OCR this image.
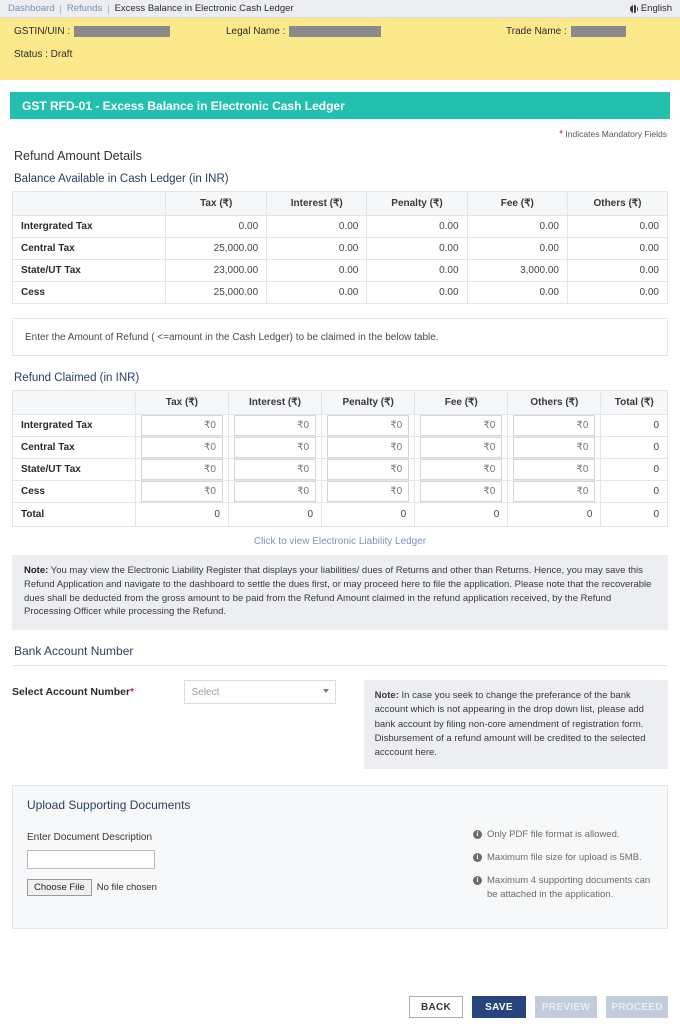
Dashboard | Refunds | Excess Balance in Electronic Cash Ledger	English
GSTIN/UIN :	Legal Name :	Trade Name :
Status : Draft
GST RFD-01 - Excess Balance in Electronic Cash Ledger
* Indicates Mandatory Fields
Refund Amount Details
Balance Available in Cash Ledger (in INR)
	Tax (₹)	Interest (₹)	Penalty (₹)	Fee (₹)	Others (₹)
Intergrated Tax	0.00	0.00	0.00	0.00	0.00
Central Tax	25,000.00	0.00	0.00	0.00	0.00
State/UT Tax	23,000.00	0.00	0.00	3,000.00	0.00
Cess	25,000.00	0.00	0.00	0.00	0.00
Enter the Amount of Refund ( <=amount in the Cash Ledger) to be claimed in the below table.
Refund Claimed (in INR)
	Tax (₹)	Interest (₹)	Penalty (₹)	Fee (₹)	Others (₹)	Total (₹)
Intergrated Tax	₹0	₹0	₹0	₹0	₹0	0
Central Tax	₹0	₹0	₹0	₹0	₹0	0
State/UT Tax	₹0	₹0	₹0	₹0	₹0	0
Cess	₹0	₹0	₹0	₹0	₹0	0
Total	0	0	0	0	0	0
Click to view Electronic Liability Ledger
Note: You may view the Electronic Liability Register that displays your liabilities/ dues of Returns and other than Returns. Hence, you may save this Refund Application and navigate to the dashboard to settle the dues first, or may proceed here to file the application. Please note that the recoverable dues shall be deducted from the gross amount to be paid from the Refund Amount claimed in the refund application received, by the Refund Processing Officer while processing the Refund.
Bank Account Number
Select Account Number*
Select	Note: In case you seek to change the preferance of the bank account which is not appearing in the drop down list, please add bank account by filing non-core amendment of registration form. Disbursement of a refund amount will be credited to the selected acccount here.
Upload Supporting Documents
Enter Document Description
Choose File	No file chosen
i Only PDF file format is allowed.
i Maximum file size for upload is 5MB.
i Maximum 4 supporting documents can be attached in the application.
BACK	SAVE	PREVIEW	PROCEED
